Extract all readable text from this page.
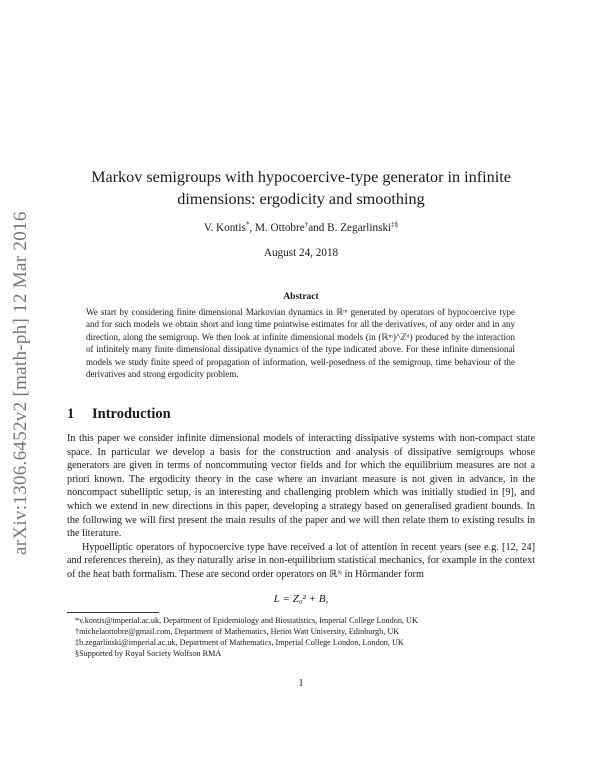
arXiv:1306.6452v2 [math-ph] 12 Mar 2016
Markov semigroups with hypocoercive-type generator in infinite
dimensions: ergodicity and smoothing
V. Kontis*, M. Ottobre†and B. Zegarlinski‡§
August 24, 2018
Abstract
We start by considering finite dimensional Markovian dynamics in ℝᵐ generated by operators of hypocoercive type and for such models we obtain short and long time pointwise estimates for all the derivatives, of any order and in any direction, along the semigroup. We then look at infinite dimensional models (in (ℝᵐ)^ℤᵈ) produced by the interaction of infinitely many finite dimensional dissipative dynamics of the type indicated above. For these infinite dimensional models we study finite speed of propagation of information, well-posedness of the semigroup, time behaviour of the derivatives and strong ergodicity problem.
1 Introduction

In this paper we consider infinite dimensional models of interacting dissipative systems with non-compact state space. In particular we develop a basis for the construction and analysis of dissipative semigroups whose generators are given in terms of noncommuting vector fields and for which the equilibrium measures are not a priori known. The ergodicity theory in the case where an invariant measure is not given in advance, in the noncompact subelliptic setup, is an interesting and challenging problem which was initially studied in [9], and which we extend in new directions in this paper, developing a strategy based on generalised gradient bounds. In the following we will first present the main results of the paper and we will then relate them to existing results in the literature.

Hypoelliptic operators of hypocoercive type have received a lot of attention in recent years (see e.g. [12, 24] and references therein), as they naturally arise in non-equilibrium statistical mechanics, for example in the context of the heat bath formalism. These are second order operators on ℝᴺ in Hörmander form

L = Z₀² + B,
*v.kontis@imperial.ac.uk, Department of Epidemiology and Biostatistics, Imperial College London, UK
†michelaottobre@gmail.com, Department of Mathematics, Heriot Watt University, Edinburgh, UK
‡b.zegarlinski@imperial.ac.uk, Department of Mathematics, Imperial College London, London, UK
§Supported by Royal Society Wolfson RMA
1
